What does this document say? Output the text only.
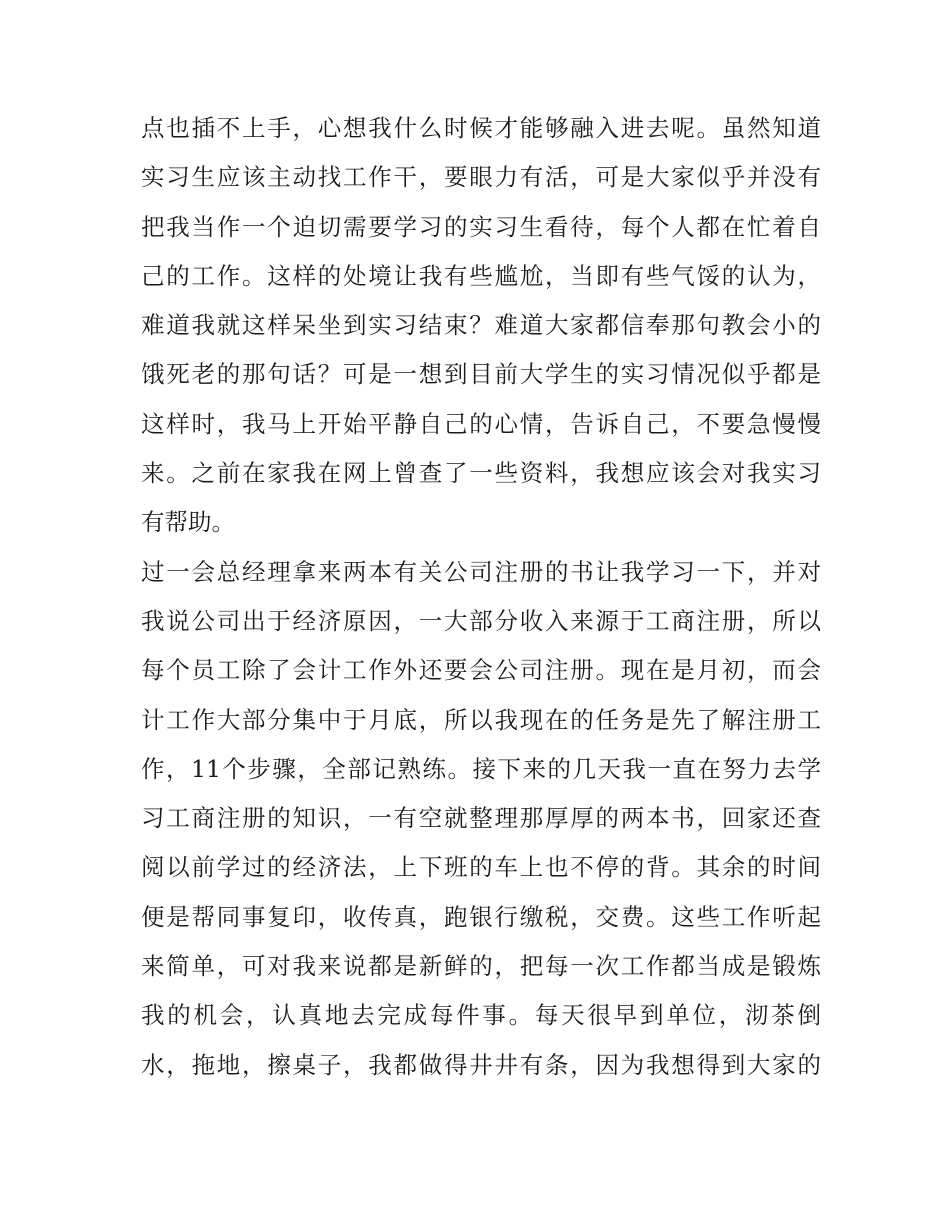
点也插不上手，心想我什么时候才能够融入进去呢。虽然知道
实习生应该主动找工作干，要眼力有活，可是大家似乎并没有
把我当作一个迫切需要学习的实习生看待，每个人都在忙着自
己的工作。这样的处境让我有些尴尬，当即有些气馁的认为，
难道我就这样呆坐到实习结束？难道大家都信奉那句教会小的
饿死老的那句话？可是一想到目前大学生的实习情况似乎都是
这样时，我马上开始平静自己的心情，告诉自己，不要急慢慢
来。之前在家我在网上曾查了一些资料，我想应该会对我实习
有帮助。
过一会总经理拿来两本有关公司注册的书让我学习一下，并对
我说公司出于经济原因，一大部分收入来源于工商注册，所以
每个员工除了会计工作外还要会公司注册。现在是月初，而会
计工作大部分集中于月底，所以我现在的任务是先了解注册工
作，11个步骤，全部记熟练。接下来的几天我一直在努力去学
习工商注册的知识，一有空就整理那厚厚的两本书，回家还查
阅以前学过的经济法，上下班的车上也不停的背。其余的时间
便是帮同事复印，收传真，跑银行缴税，交费。这些工作听起
来简单，可对我来说都是新鲜的，把每一次工作都当成是锻炼
我的机会，认真地去完成每件事。每天很早到单位，沏茶倒
水，拖地，擦桌子，我都做得井井有条，因为我想得到大家的
